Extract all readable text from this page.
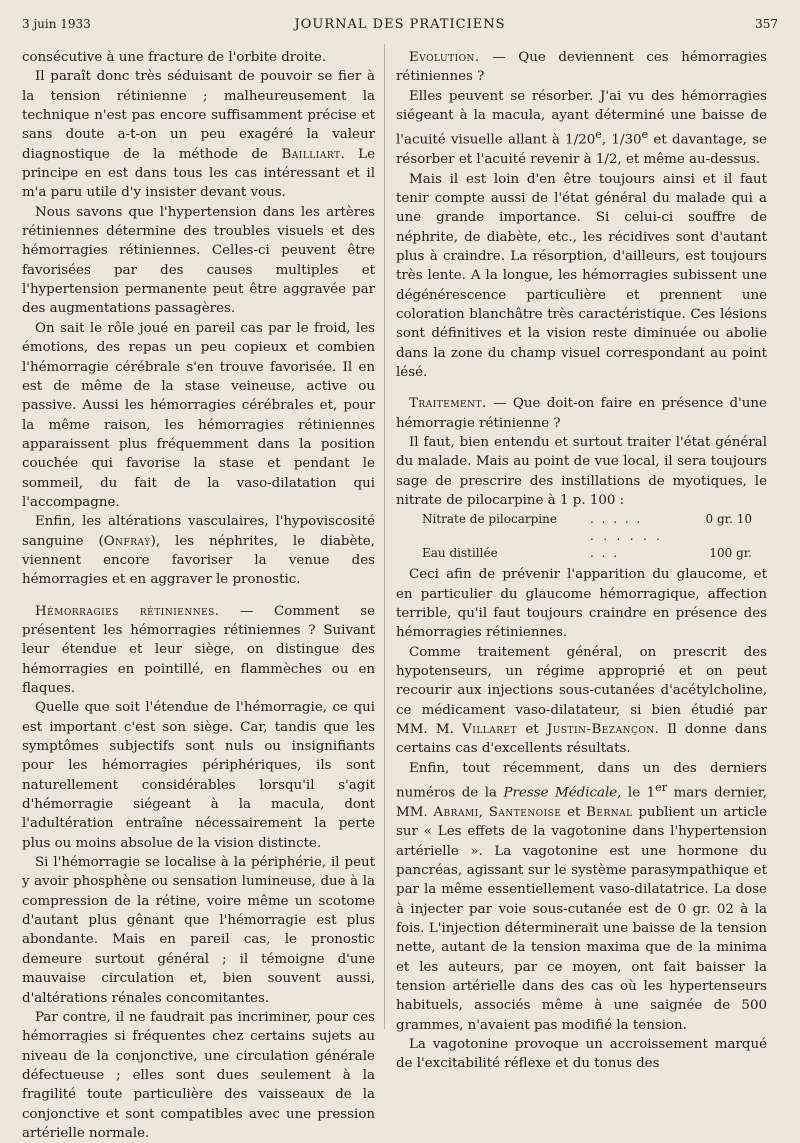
3 juin 1933	JOURNAL DES PRATICIENS	357

consécutive à une fracture de l'orbite droite.

Il paraît donc très séduisant de pouvoir se fier à la tension rétinienne ; malheureusement la technique n'est pas encore suffisamment précise et sans doute a-t-on un peu exagéré la valeur diagnostique de la méthode de Bailliart. Le principe en est dans tous les cas intéressant et il m'a paru utile d'y insister devant vous.

Nous savons que l'hypertension dans les artères rétiniennes détermine des troubles visuels et des hémorragies rétiniennes. Celles-ci peuvent être favorisées par des causes multiples et l'hypertension permanente peut être aggravée par des augmentations passagères.

On sait le rôle joué en pareil cas par le froid, les émotions, des repas un peu copieux et combien l'hémorragie cérébrale s'en trouve favorisée. Il en est de même de la stase veineuse, active ou passive. Aussi les hémorragies cérébrales et, pour la même raison, les hémorragies rétiniennes apparaissent plus fréquemment dans la position couchée qui favorise la stase et pendant le sommeil, du fait de la vaso-dilatation qui l'accompagne.

Enfin, les altérations vasculaires, l'hypoviscosité sanguine (Onfray), les néphrites, le diabète, viennent encore favoriser la venue des hémorragies et en aggraver le pronostic.

Hémorragies rétiniennes. — Comment se présentent les hémorragies rétiniennes ? Suivant leur étendue et leur siège, on distingue des hémorragies en pointillé, en flammèches ou en flaques.

Quelle que soit l'étendue de l'hémorragie, ce qui est important c'est son siège. Car, tandis que les symptômes subjectifs sont nuls ou insignifiants pour les hémorragies périphériques, ils sont naturellement considérables lorsqu'il s'agit d'hémorragie siégeant à la macula, dont l'adultération entraîne nécessairement la perte plus ou moins absolue de la vision distincte.

Si l'hémorragie se localise à la périphérie, il peut y avoir phosphène ou sensation lumineuse, due à la compression de la rétine, voire même un scotome d'autant plus gênant que l'hémorragie est plus abondante. Mais en pareil cas, le pronostic demeure surtout général ; il témoigne d'une mauvaise circulation et, bien souvent aussi, d'altérations rénales concomitantes.

Par contre, il ne faudrait pas incriminer, pour ces hémorragies si fréquentes chez certains sujets au niveau de la conjonctive, une circulation générale défectueuse ; elles sont dues seulement à la fragilité toute particulière des vaisseaux de la conjonctive et sont compatibles avec une pression artérielle normale.

Evolution. — Que deviennent ces hémorragies rétiniennes ?

Elles peuvent se résorber. J'ai vu des hémorragies siégeant à la macula, ayant déterminé une baisse de l'acuité visuelle allant à 1/20e, 1/30e et davantage, se résorber et l'acuité revenir à 1/2, et même au-dessus.

Mais il est loin d'en être toujours ainsi et il faut tenir compte aussi de l'état général du malade qui a une grande importance. Si celui-ci souffre de néphrite, de diabète, etc., les récidives sont d'autant plus à craindre. La résorption, d'ailleurs, est toujours très lente. A la longue, les hémorragies subissent une dégénérescence particulière et prennent une coloration blanchâtre très caractéristique. Ces lésions sont définitives et la vision reste diminuée ou abolie dans la zone du champ visuel correspondant au point lésé.

Traitement. — Que doit-on faire en présence d'une hémorragie rétinienne ?

Il faut, bien entendu et surtout traiter l'état général du malade. Mais au point de vue local, il sera toujours sage de prescrire des instillations de myotiques, le nitrate de pilocarpine à 1 p. 100 :

Nitrate de pilocarpine	. . . . .	0 gr. 10
Eau distillée. . . . . . . . .	100 gr.

Ceci afin de prévenir l'apparition du glaucome, et en particulier du glaucome hémorragique, affection terrible, qu'il faut toujours craindre en présence des hémorragies rétiniennes.

Comme traitement général, on prescrit des hypotenseurs, un régime approprié et on peut recourir aux injections sous-cutanées d'acétylcholine, ce médicament vaso-dilatateur, si bien étudié par MM. M. Villaret et Justin-Bezançon. Il donne dans certains cas d'excellents résultats.

Enfin, tout récemment, dans un des derniers numéros de la Presse Médicale, le 1er mars dernier, MM. Abrami, Santenoise et Bernal publient un article sur « Les effets de la vagotonine dans l'hypertension artérielle ». La vagotonine est une hormone du pancréas, agissant sur le système parasympathique et par la même essentiellement vaso-dilatatrice. La dose à injecter par voie sous-cutanée est de 0 gr. 02 à la fois. L'injection déterminerait une baisse de la tension nette, autant de la tension maxima que de la minima et les auteurs, par ce moyen, ont fait baisser la tension artérielle dans des cas où les hypertenseurs habituels, associés même à une saignée de 500 grammes, n'avaient pas modifié la tension.

La vagotonine provoque un accroissement marqué de l'excitabilité réflexe et du tonus des
